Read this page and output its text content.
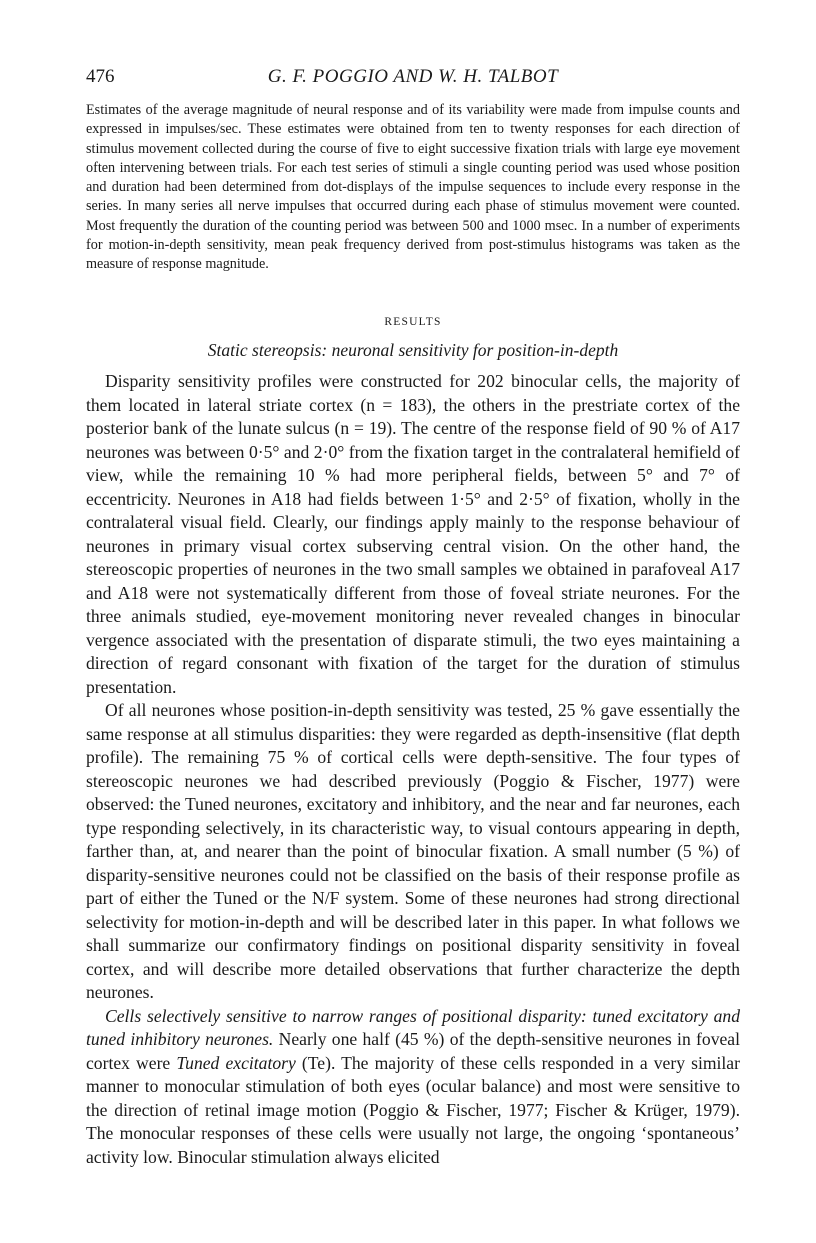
476	G. F. POGGIO AND W. H. TALBOT

Estimates of the average magnitude of neural response and of its variability were made from impulse counts and expressed in impulses/sec. These estimates were obtained from ten to twenty responses for each direction of stimulus movement collected during the course of five to eight successive fixation trials with large eye movement often intervening between trials. For each test series of stimuli a single counting period was used whose position and duration had been determined from dot-displays of the impulse sequences to include every response in the series. In many series all nerve impulses that occurred during each phase of stimulus movement were counted. Most frequently the duration of the counting period was between 500 and 1000 msec. In a number of experiments for motion-in-depth sensitivity, mean peak frequency derived from post-stimulus histograms was taken as the measure of response magnitude.

RESULTS

Static stereopsis: neuronal sensitivity for position-in-depth

Disparity sensitivity profiles were constructed for 202 binocular cells, the majority of them located in lateral striate cortex (n = 183), the others in the prestriate cortex of the posterior bank of the lunate sulcus (n = 19). The centre of the response field of 90 % of A17 neurones was between 0·5° and 2·0° from the fixation target in the contralateral hemifield of view, while the remaining 10 % had more peripheral fields, between 5° and 7° of eccentricity. Neurones in A18 had fields between 1·5° and 2·5° of fixation, wholly in the contralateral visual field. Clearly, our findings apply mainly to the response behaviour of neurones in primary visual cortex subserving central vision. On the other hand, the stereoscopic properties of neurones in the two small samples we obtained in parafoveal A17 and A18 were not systematically different from those of foveal striate neurones. For the three animals studied, eye-movement monitoring never revealed changes in binocular vergence associated with the presentation of disparate stimuli, the two eyes maintaining a direction of regard consonant with fixation of the target for the duration of stimulus presentation.

Of all neurones whose position-in-depth sensitivity was tested, 25 % gave essentially the same response at all stimulus disparities: they were regarded as depth-insensitive (flat depth profile). The remaining 75 % of cortical cells were depth-sensitive. The four types of stereoscopic neurones we had described previously (Poggio & Fischer, 1977) were observed: the Tuned neurones, excitatory and inhibitory, and the near and far neurones, each type responding selectively, in its characteristic way, to visual contours appearing in depth, farther than, at, and nearer than the point of binocular fixation. A small number (5 %) of disparity-sensitive neurones could not be classified on the basis of their response profile as part of either the Tuned or the N/F system. Some of these neurones had strong directional selectivity for motion-in-depth and will be described later in this paper. In what follows we shall summarize our confirmatory findings on positional disparity sensitivity in foveal cortex, and will describe more detailed observations that further characterize the depth neurones.

Cells selectively sensitive to narrow ranges of positional disparity: tuned excitatory and tuned inhibitory neurones. Nearly one half (45 %) of the depth-sensitive neurones in foveal cortex were Tuned excitatory (Te). The majority of these cells responded in a very similar manner to monocular stimulation of both eyes (ocular balance) and most were sensitive to the direction of retinal image motion (Poggio & Fischer, 1977; Fischer & Krüger, 1979). The monocular responses of these cells were usually not large, the ongoing ‘spontaneous’ activity low. Binocular stimulation always elicited
